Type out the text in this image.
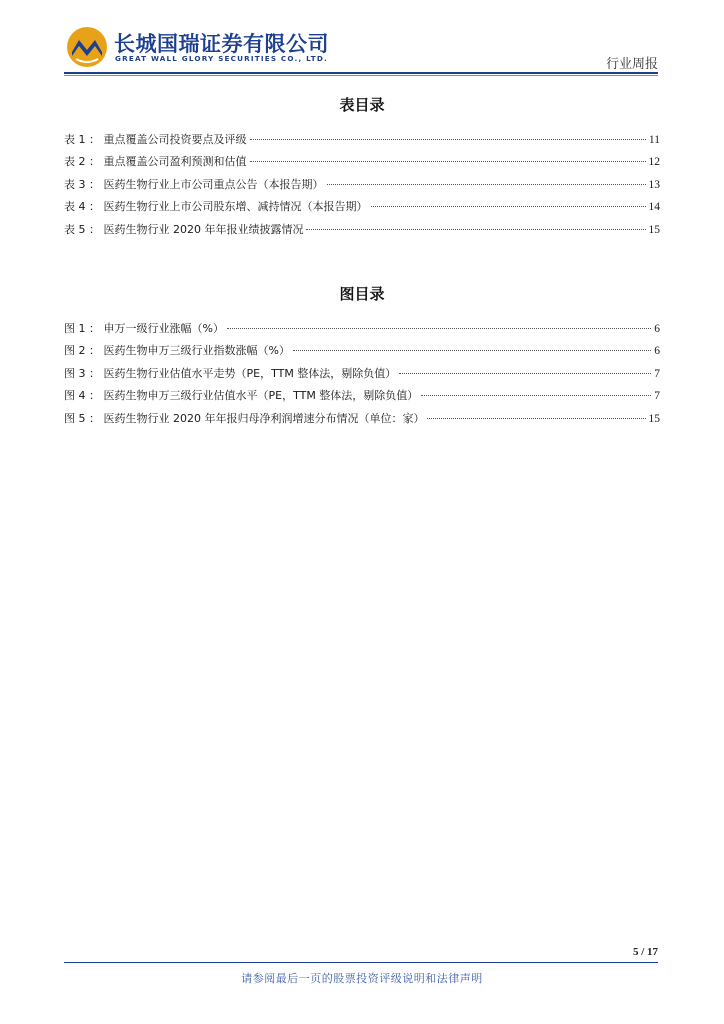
长城国瑞证券有限公司
GREAT WALL GLORY SECURITIES CO., LTD.	行业周报
表目录
表 1 ： 重点覆盖公司投资要点及评级	11
表 2 ： 重点覆盖公司盈利预测和估值	12
表 3 ： 医药生物行业上市公司重点公告（本报告期）	13
表 4 ： 医药生物行业上市公司股东增、减持情况（本报告期）	14
表 5 ： 医药生物行业 2020 年年报业绩披露情况	15
图目录
图 1 ： 申万一级行业涨幅（%）	6
图 2 ： 医药生物申万三级行业指数涨幅（%）	6
图 3 ： 医药生物行业估值水平走势（PE，TTM 整体法，剔除负值）	7
图 4 ： 医药生物申万三级行业估值水平（PE，TTM 整体法，剔除负值）	7
图 5 ： 医药生物行业 2020 年年报归母净利润增速分布情况（单位：家）	15
5 / 17
请参阅最后一页的股票投资评级说明和法律声明
